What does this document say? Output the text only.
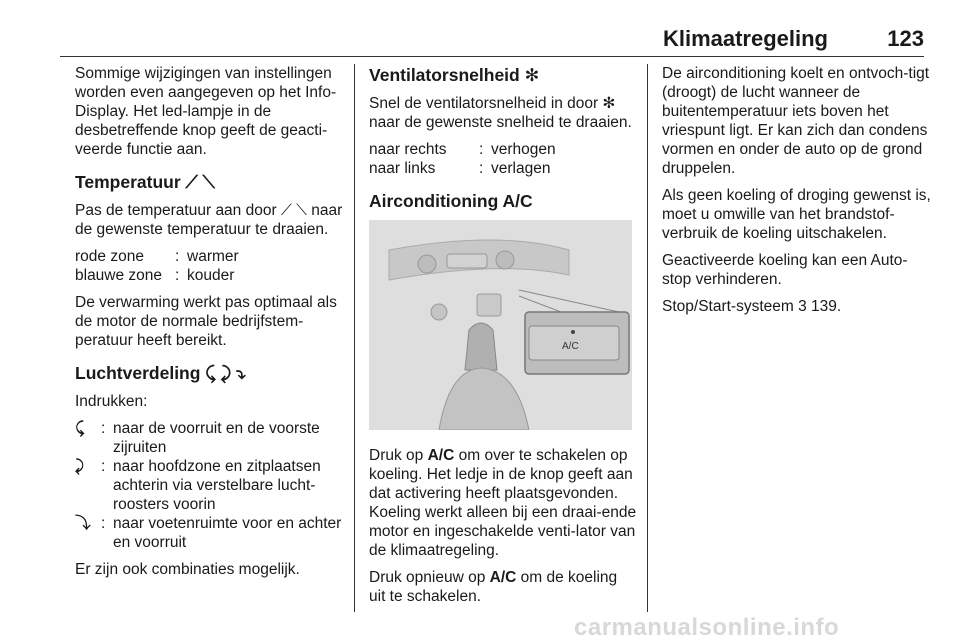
Klimaatregeling	123

Sommige wijzigingen van instellingen worden even aangegeven op het Info-Display. Het led-lampje in de desbetreffende knop geeft de geacti-veerde functie aan.

Temperatuur ⟋ ⟍

Pas de temperatuur aan door ⟋ ⟍ naar de gewenste temperatuur te draaien.

rode zone	: warmer
blauwe zone : kouder

De verwarming werkt pas optimaal als de motor de normale bedrijfstem-peratuur heeft bereikt.

Luchtverdeling ⤹ ⤸ ⤵

Indrukken:

⤹	: naar de voorruit en de voorste zijruiten
⤸	: naar hoofdzone en zitplaatsen achterin via verstelbare lucht-roosters voorin
⤵ : naar voetenruimte voor en achter en voorruit

Er zijn ook combinaties mogelijk.

Ventilatorsnelheid ✻

Snel de ventilatorsnelheid in door ✻ naar de gewenste snelheid te draaien.

naar rechts	: verhogen
naar links	: verlagen
Airconditioning A/C
A/C

Druk op A/C om over te schakelen op koeling. Het ledje in de knop geeft aan dat activering heeft plaatsgevonden. Koeling werkt alleen bij een draai-ende motor en ingeschakelde venti-lator van de klimaatregeling.

Druk opnieuw op A/C om de koeling uit te schakelen.

De airconditioning koelt en ontvoch-tigt (droogt) de lucht wanneer de buitentemperatuur iets boven het vriespunt ligt. Er kan zich dan condens vormen en onder de auto op de grond druppelen.

Als geen koeling of droging gewenst is, moet u omwille van het brandstof-verbruik de koeling uitschakelen.

Geactiveerde koeling kan een Auto-stop verhinderen.

Stop/Start-systeem 3 139.

carmanualsonline.info
